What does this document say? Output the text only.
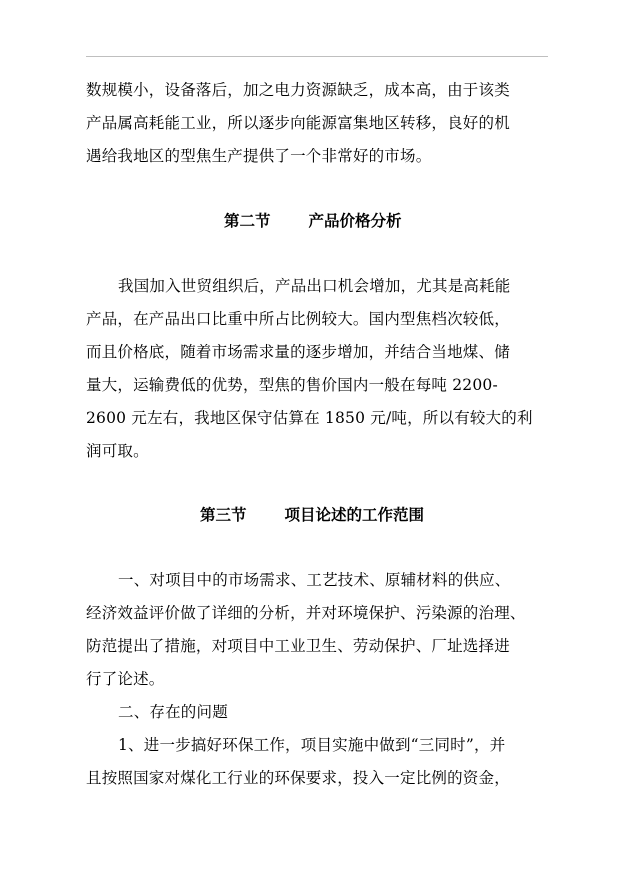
数规模小，设备落后，加之电力资源缺乏，成本高，由于该类
产品属高耗能工业，所以逐步向能源富集地区转移，良好的机
遇给我地区的型焦生产提供了一个非常好的市场。
第二节 产品价格分析
我国加入世贸组织后，产品出口机会增加，尤其是高耗能
产品，在产品出口比重中所占比例较大。国内型焦档次较低，
而且价格底，随着市场需求量的逐步增加，并结合当地煤、储
量大，运输费低的优势，型焦的售价国内一般在每吨 2200-
2600 元左右，我地区保守估算在 1850 元/吨，所以有较大的利
润可取。
第三节 项目论述的工作范围
一、对项目中的市场需求、工艺技术、原辅材料的供应、
经济效益评价做了详细的分析，并对环境保护、污染源的治理、
防范提出了措施，对项目中工业卫生、劳动保护、厂址选择进
行了论述。
二、存在的问题
1、进一步搞好环保工作，项目实施中做到“三同时”，并
且按照国家对煤化工行业的环保要求，投入一定比例的资金，
